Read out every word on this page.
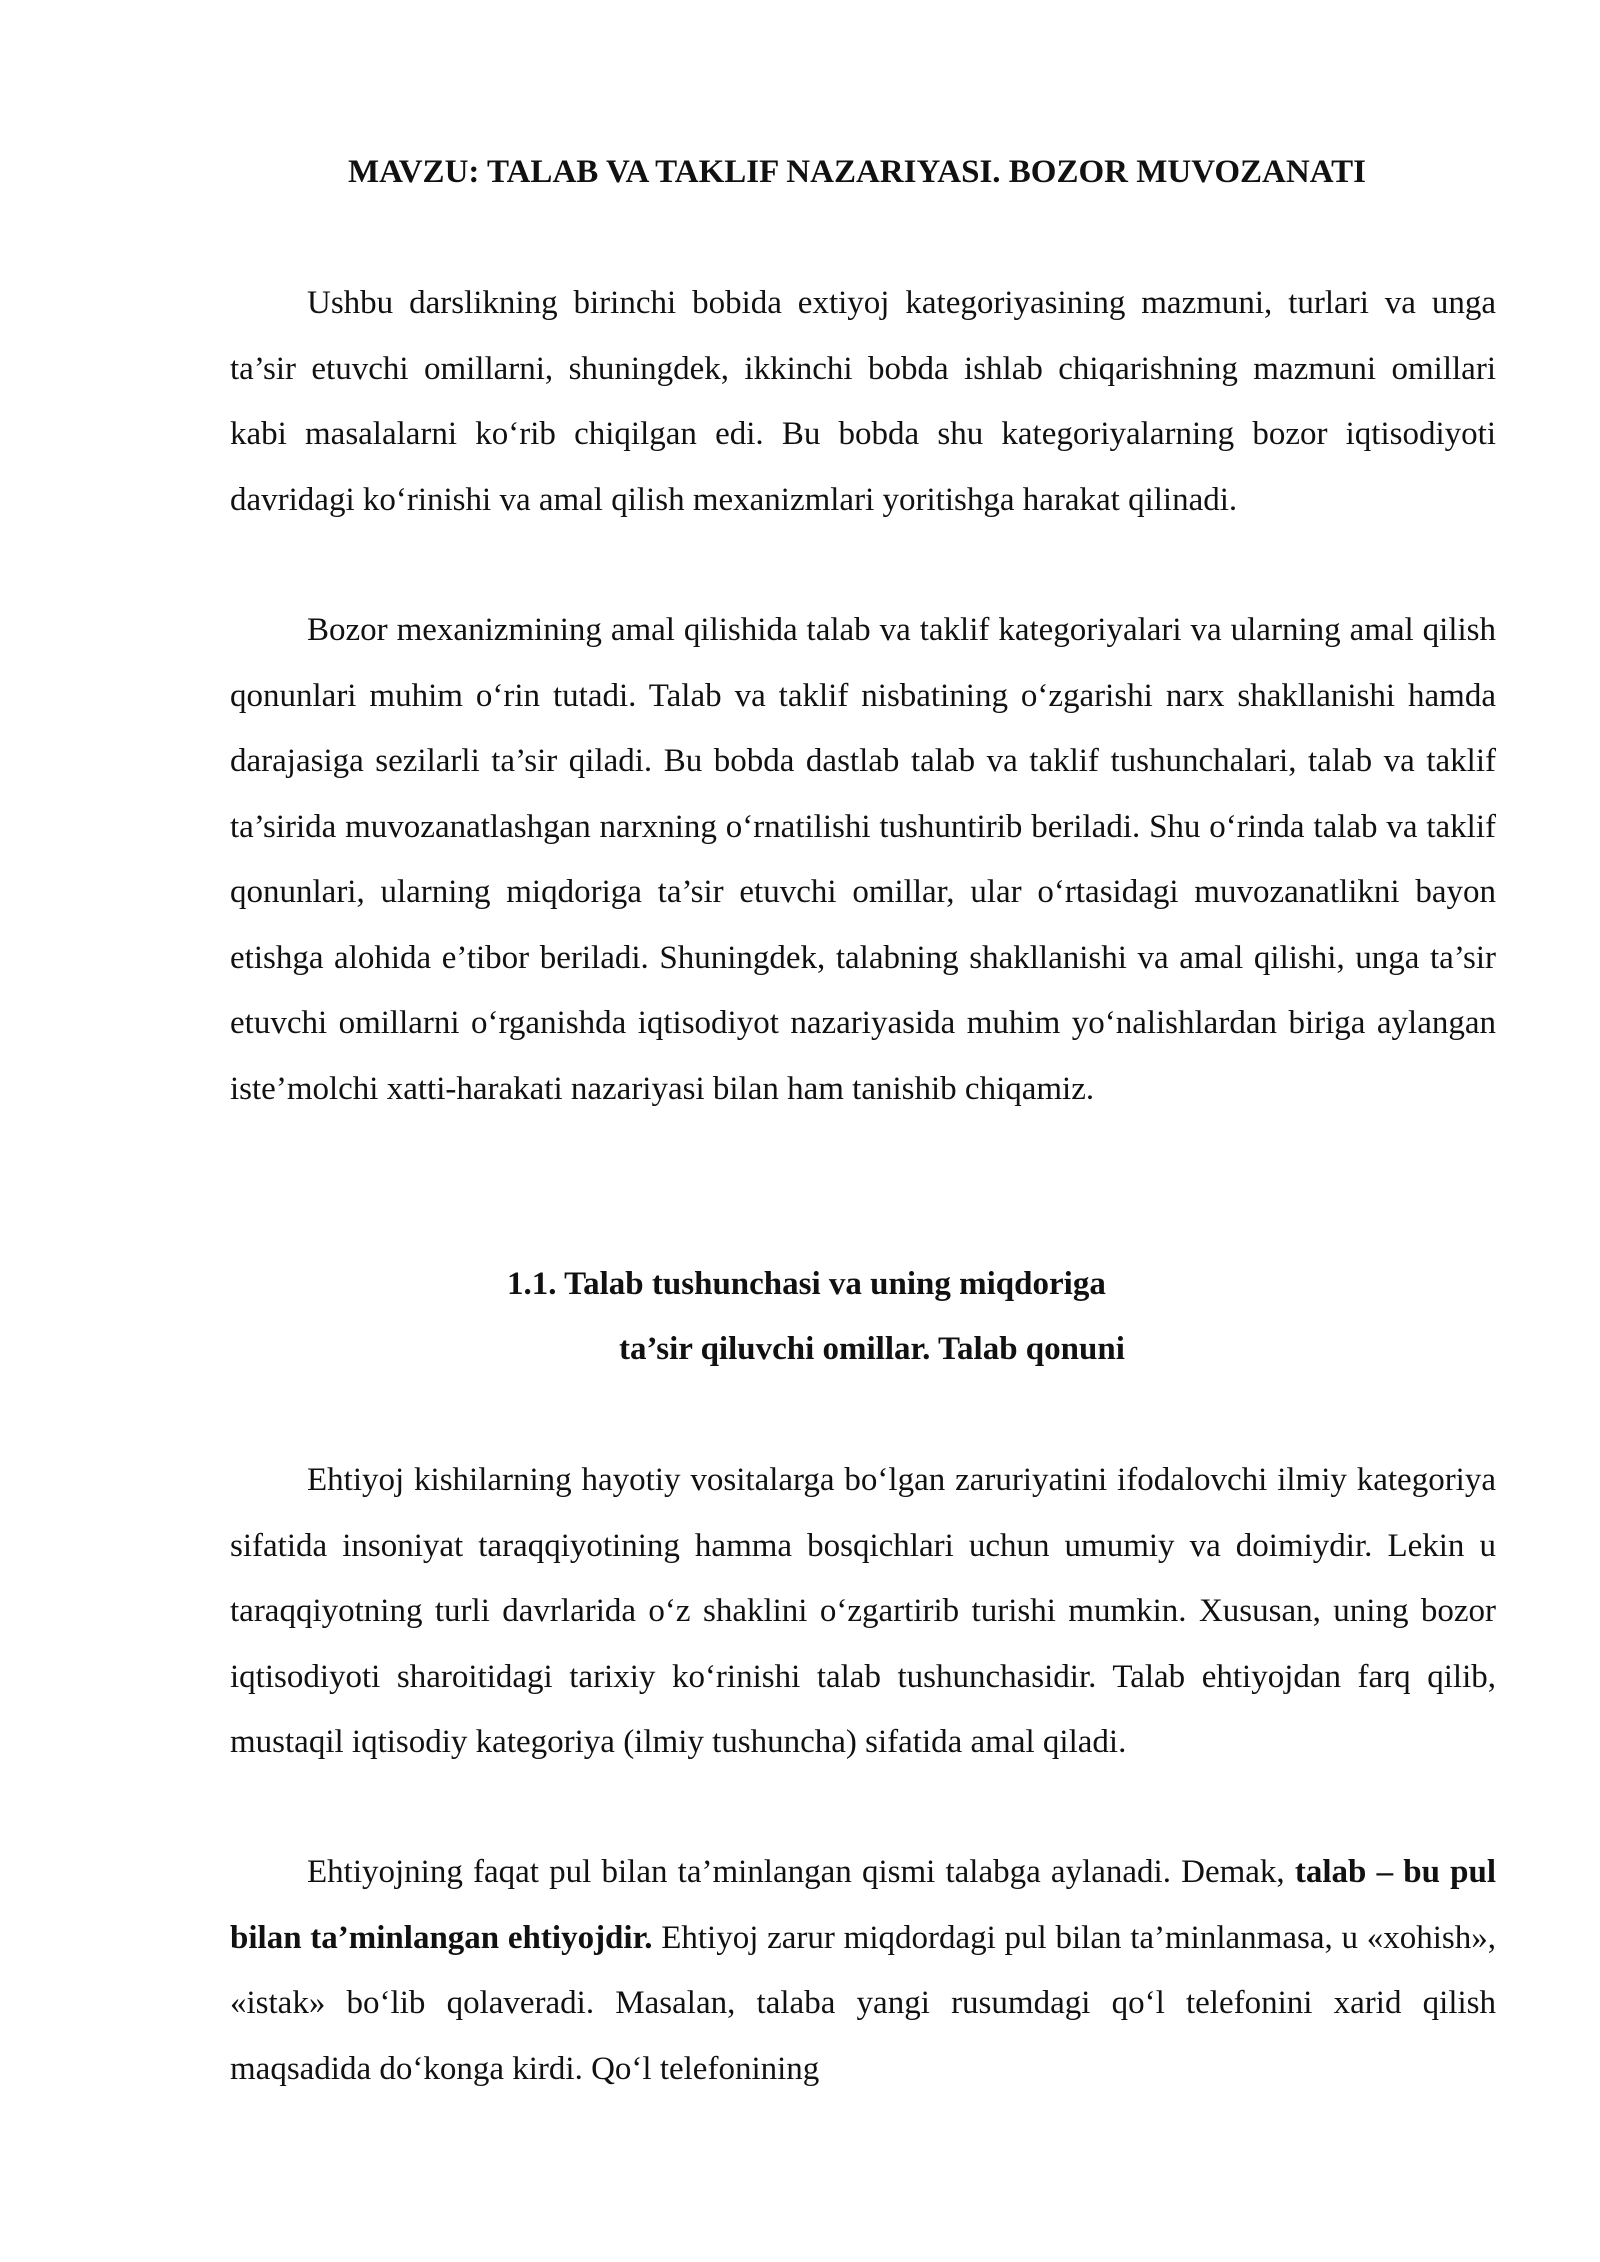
MAVZU: TALAB VA TAKLIF NAZARIYASI. BOZOR MUVOZANATI

Ushbu darslikning birinchi bobida extiyoj kategoriyasining mazmuni, turlari va unga ta’sir etuvchi omillarni, shuningdek, ikkinchi bobda ishlab chiqarishning mazmuni omillari kabi masalalarni ko‘rib chiqilgan edi. Bu bobda shu kategoriyalarning bozor iqtisodiyoti davridagi ko‘rinishi va amal qilish mexanizmlari yoritishga harakat qilinadi.

Bozor mexanizmining amal qilishida talab va taklif kategoriyalari va ularning amal qilish qonunlari muhim o‘rin tutadi. Talab va taklif nisbatining o‘zgarishi narx shakllanishi hamda darajasiga sezilarli ta’sir qiladi. Bu bobda dastlab talab va taklif tushunchalari, talab va taklif ta’sirida muvozanatlashgan narxning o‘rnatilishi tushuntirib beriladi. Shu o‘rinda talab va taklif qonunlari, ularning miqdoriga ta’sir etuvchi omillar, ular o‘rtasidagi muvozanatlikni bayon etishga alohida e’tibor beriladi. Shuningdek, talabning shakllanishi va amal qilishi, unga ta’sir etuvchi omillarni o‘rganishda iqtisodiyot nazariyasida muhim yo‘nalishlardan biriga aylangan iste’molchi xatti-harakati nazariyasi bilan ham tanishib chiqamiz.

1.1. Talab tushunchasi va uning miqdoriga
ta’sir qiluvchi omillar. Talab qonuni

Ehtiyoj kishilarning hayotiy vositalarga bo‘lgan zaruriyatini ifodalovchi ilmiy kategoriya sifatida insoniyat taraqqiyotining hamma bosqichlari uchun umumiy va doimiydir. Lekin u taraqqiyotning turli davrlarida o‘z shaklini o‘zgartirib turishi mumkin. Xususan, uning bozor iqtisodiyoti sharoitidagi tarixiy ko‘rinishi talab tushunchasidir. Talab ehtiyojdan farq qilib, mustaqil iqtisodiy kategoriya (ilmiy tushuncha) sifatida amal qiladi.

Ehtiyojning faqat pul bilan ta’minlangan qismi talabga aylanadi. Demak, talab – bu pul bilan ta’minlangan ehtiyojdir. Ehtiyoj zarur miqdordagi pul bilan ta’minlanmasa, u «xohish», «istak» bo‘lib qolaveradi. Masalan, talaba yangi rusumdagi qo‘l telefonini xarid qilish maqsadida do‘konga kirdi. Qo‘l telefonining
